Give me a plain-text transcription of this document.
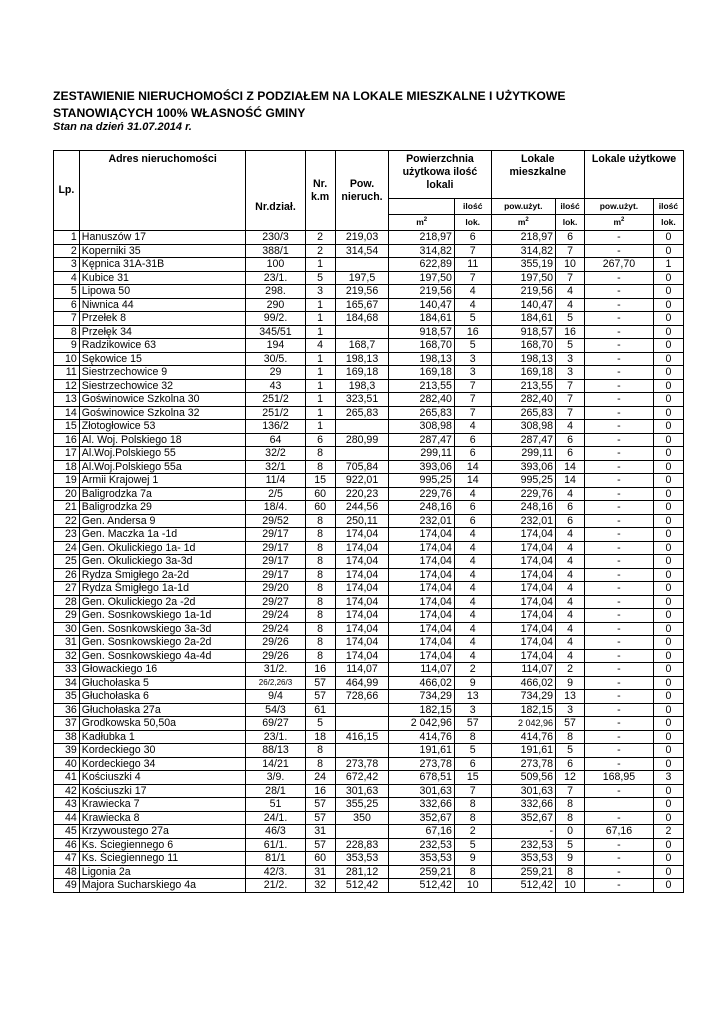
ZESTAWIENIE NIERUCHOMOŚCI Z PODZIAŁEM NA LOKALE MIESZKALNE I UŻYTKOWE
STANOWIĄCYCH 100% WŁASNOŚĆ GMINY
Stan na dzień 31.07.2014 r.
Lp.	Adres nieruchomości	Nr.dział.	Nr. k.m	Pow. nieruch.	Powierzchnia użytkowa ilość lokali		Lokale mieszkalne		Lokale użytkowe	
						ilość	pow.użyt.	ilość	pow.użyt.	ilość
					$m^2$	lok.	$m^2$	lok.	$m^2$	lok.
1	Hanuszów 17	230/3	2	219,03	218,97	6	218,97	6	-	0
2	Koperniki 35	388/1	2	314,54	314,82	7	314,82	7	-	0
3	Kępnica 31A-31B	100	1		622,89	11	355,19	10	267,70	1
4	Kubice 31	23/1.	5	197,5	197,50	7	197,50	7	-	0
5	Lipowa 50	298.	3	219,56	219,56	4	219,56	4	-	0
6	Niwnica 44	290	1	165,67	140,47	4	140,47	4	-	0
7	Przełek 8	99/2.	1	184,68	184,61	5	184,61	5	-	0
8	Przełęk 34	345/51	1		918,57	16	918,57	16	-	0
9	Radzikowice 63	194	4	168,7	168,70	5	168,70	5	-	0
10	Sękowice 15	30/5.	1	198,13	198,13	3	198,13	3	-	0
11	Siestrzechowice 9	29	1	169,18	169,18	3	169,18	3	-	0
12	Siestrzechowice 32	43	1	198,3	213,55	7	213,55	7	-	0
13	Goświnowice Szkolna 30	251/2	1	323,51	282,40	7	282,40	7	-	0
14	Goświnowice Szkolna 32	251/2	1	265,83	265,83	7	265,83	7	-	0
15	Złotogłowice 53	136/2	1		308,98	4	308,98	4	-	0
16	Al. Woj. Polskiego 18	64	6	280,99	287,47	6	287,47	6	-	0
17	Al.Woj.Polskiego 55	32/2	8		299,11	6	299,11	6	-	0
18	Al.Woj.Polskiego 55a	32/1	8	705,84	393,06	14	393,06	14	-	0
19	Armii Krajowej 1	11/4	15	922,01	995,25	14	995,25	14	-	0
20	Baligrodzka 7a	2/5	60	220,23	229,76	4	229,76	4	-	0
21	Baligrodzka 29	18/4.	60	244,56	248,16	6	248,16	6	-	0
22	Gen. Andersa 9	29/52	8	250,11	232,01	6	232,01	6	-	0
23	Gen. Maczka 1a -1d	29/17	8	174,04	174,04	4	174,04	4	-	0
24	Gen. Okulickiego 1a- 1d	29/17	8	174,04	174,04	4	174,04	4	-	0
25	Gen. Okulickiego 3a-3d	29/17	8	174,04	174,04	4	174,04	4	-	0
26	Rydza Śmigłego 2a-2d	29/17	8	174,04	174,04	4	174,04	4	-	0
27	Rydza Śmigłego 1a-1d	29/20	8	174,04	174,04	4	174,04	4	-	0
28	Gen. Okulickiego 2a -2d	29/27	8	174,04	174,04	4	174,04	4	-	0
29	Gen. Sosnkowskiego 1a-1d	29/24	8	174,04	174,04	4	174,04	4	-	0
30	Gen. Sosnkowskiego 3a-3d	29/24	8	174,04	174,04	4	174,04	4	-	0
31	Gen. Sosnkowskiego 2a-2d	29/26	8	174,04	174,04	4	174,04	4	-	0
32	Gen. Sosnkowskiego 4a-4d	29/26	8	174,04	174,04	4	174,04	4	-	0
33	Głowackiego 16	31/2.	16	114,07	114,07	2	114,07	2	-	0
34	Głuchołaska 5	26/2,26/3	57	464,99	466,02	9	466,02	9	-	0
35	Głuchołaska 6	9/4	57	728,66	734,29	13	734,29	13	-	0
36	Głuchołaska 27a	54/3	61		182,15	3	182,15	3	-	0
37	Grodkowska 50,50a	69/27	5		2 042,96	57	2 042,96	57	-	0
38	Kadłubka 1	23/1.	18	416,15	414,76	8	414,76	8	-	0
39	Kordeckiego 30	88/13	8		191,61	5	191,61	5	-	0
40	Kordeckiego 34	14/21	8	273,78	273,78	6	273,78	6	-	0
41	Kościuszki 4	3/9.	24	672,42	678,51	15	509,56	12	168,95	3
42	Kościuszki 17	28/1	16	301,63	301,63	7	301,63	7	-	0
43	Krawiecka 7	51	57	355,25	332,66	8	332,66	8		0
44	Krawiecka 8	24/1.	57	350	352,67	8	352,67	8	-	0
45	Krzywoustego 27a	46/3	31		67,16	2	-	0	67,16	2
46	Ks. Ściegiennego 6	61/1.	57	228,83	232,53	5	232,53	5	-	0
47	Ks. Ściegiennego 11	81/1	60	353,53	353,53	9	353,53	9	-	0
48	Ligonia 2a	42/3.	31	281,12	259,21	8	259,21	8	-	0
49	Majora Sucharskiego 4a	21/2.	32	512,42	512,42	10	512,42	10	-	0
